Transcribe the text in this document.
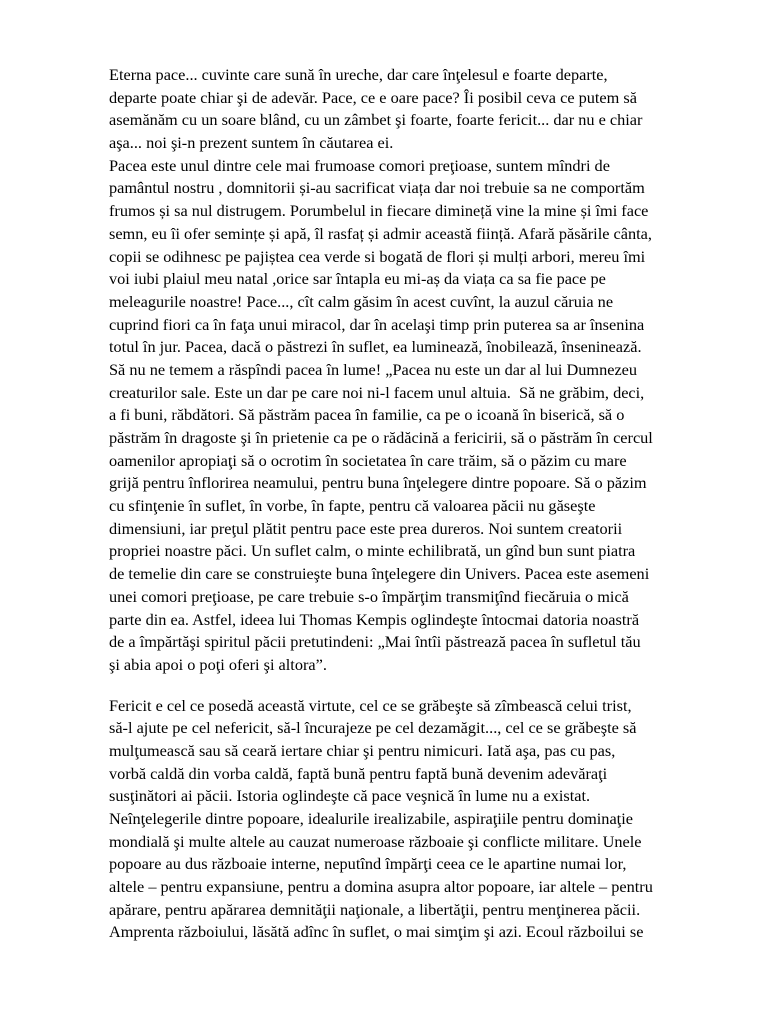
Eterna pace... cuvinte care sună în ureche, dar care înţelesul e foarte departe,
departe poate chiar şi de adevăr. Pace, ce e oare pace? Îi posibil ceva ce putem să
asemănăm cu un soare blând, cu un zâmbet şi foarte, foarte fericit... dar nu e chiar
aşa... noi şi-n prezent suntem în căutarea ei.
Pacea este unul dintre cele mai frumoase comori preţioase, suntem mîndri de
pamântul nostru , domnitorii și-au sacrificat viața dar noi trebuie sa ne comportăm
frumos și sa nul distrugem. Porumbelul in fiecare dimineță vine la mine și îmi face
semn, eu îi ofer semințe și apă, îl rasfaț și admir această ființă. Afară păsările cânta,
copii se odihnesc pe pajiștea cea verde si bogată de flori și mulți arbori, mereu îmi
voi iubi plaiul meu natal ,orice sar întapla eu mi-aș da viața ca sa fie pace pe
meleagurile noastre! Pace..., cît calm găsim în acest cuvînt, la auzul căruia ne
cuprind fiori ca în faţa unui miracol, dar în acelaşi timp prin puterea sa ar însenina
totul în jur. Pacea, dacă o păstrezi în suflet, ea luminează, înobilează, înseninează.
Să nu ne temem a răspîndi pacea în lume! „Pacea nu este un dar al lui Dumnezeu
creaturilor sale. Este un dar pe care noi ni-l facem unul altuia.  Să ne grăbim, deci,
a fi buni, răbdători. Să păstrăm pacea în familie, ca pe o icoană în biserică, să o
păstrăm în dragoste şi în prietenie ca pe o rădăcină a fericirii, să o păstrăm în cercul
oamenilor apropiaţi să o ocrotim în societatea în care trăim, să o păzim cu mare
grijă pentru înflorirea neamului, pentru buna înţelegere dintre popoare. Să o păzim
cu sfinţenie în suflet, în vorbe, în fapte, pentru că valoarea păcii nu găseşte
dimensiuni, iar preţul plătit pentru pace este prea dureros. Noi suntem creatorii
propriei noastre păci. Un suflet calm, o minte echilibrată, un gînd bun sunt piatra
de temelie din care se construieşte buna înţelegere din Univers. Pacea este asemeni
unei comori preţioase, pe care trebuie s-o împărţim transmiţînd fiecăruia o mică
parte din ea. Astfel, ideea lui Thomas Kempis oglindeşte întocmai datoria noastră
de a împărtăşi spiritul păcii pretutindeni: „Mai întîi păstrează pacea în sufletul tău
şi abia apoi o poţi oferi şi altora”.
Fericit e cel ce posedă această virtute, cel ce se grăbeşte să zîmbească celui trist,
să-l ajute pe cel nefericit, să-l încurajeze pe cel dezamăgit..., cel ce se grăbeşte să
mulţumească sau să ceară iertare chiar şi pentru nimicuri. Iată aşa, pas cu pas,
vorbă caldă din vorba caldă, faptă bună pentru faptă bună devenim adevăraţi
susţinători ai păcii. Istoria oglindeşte că pace veşnică în lume nu a existat.
Neînţelegerile dintre popoare, idealurile irealizabile, aspiraţiile pentru dominaţie
mondială şi multe altele au cauzat numeroase războaie şi conflicte militare. Unele
popoare au dus războaie interne, neputînd împărţi ceea ce le apartine numai lor,
altele – pentru expansiune, pentru a domina asupra altor popoare, iar altele – pentru
apărare, pentru apărarea demnităţii naţionale, a libertăţii, pentru menţinerea păcii.
Amprenta războiului, lăsătă adînc în suflet, o mai simţim şi azi. Ecoul războilui se
